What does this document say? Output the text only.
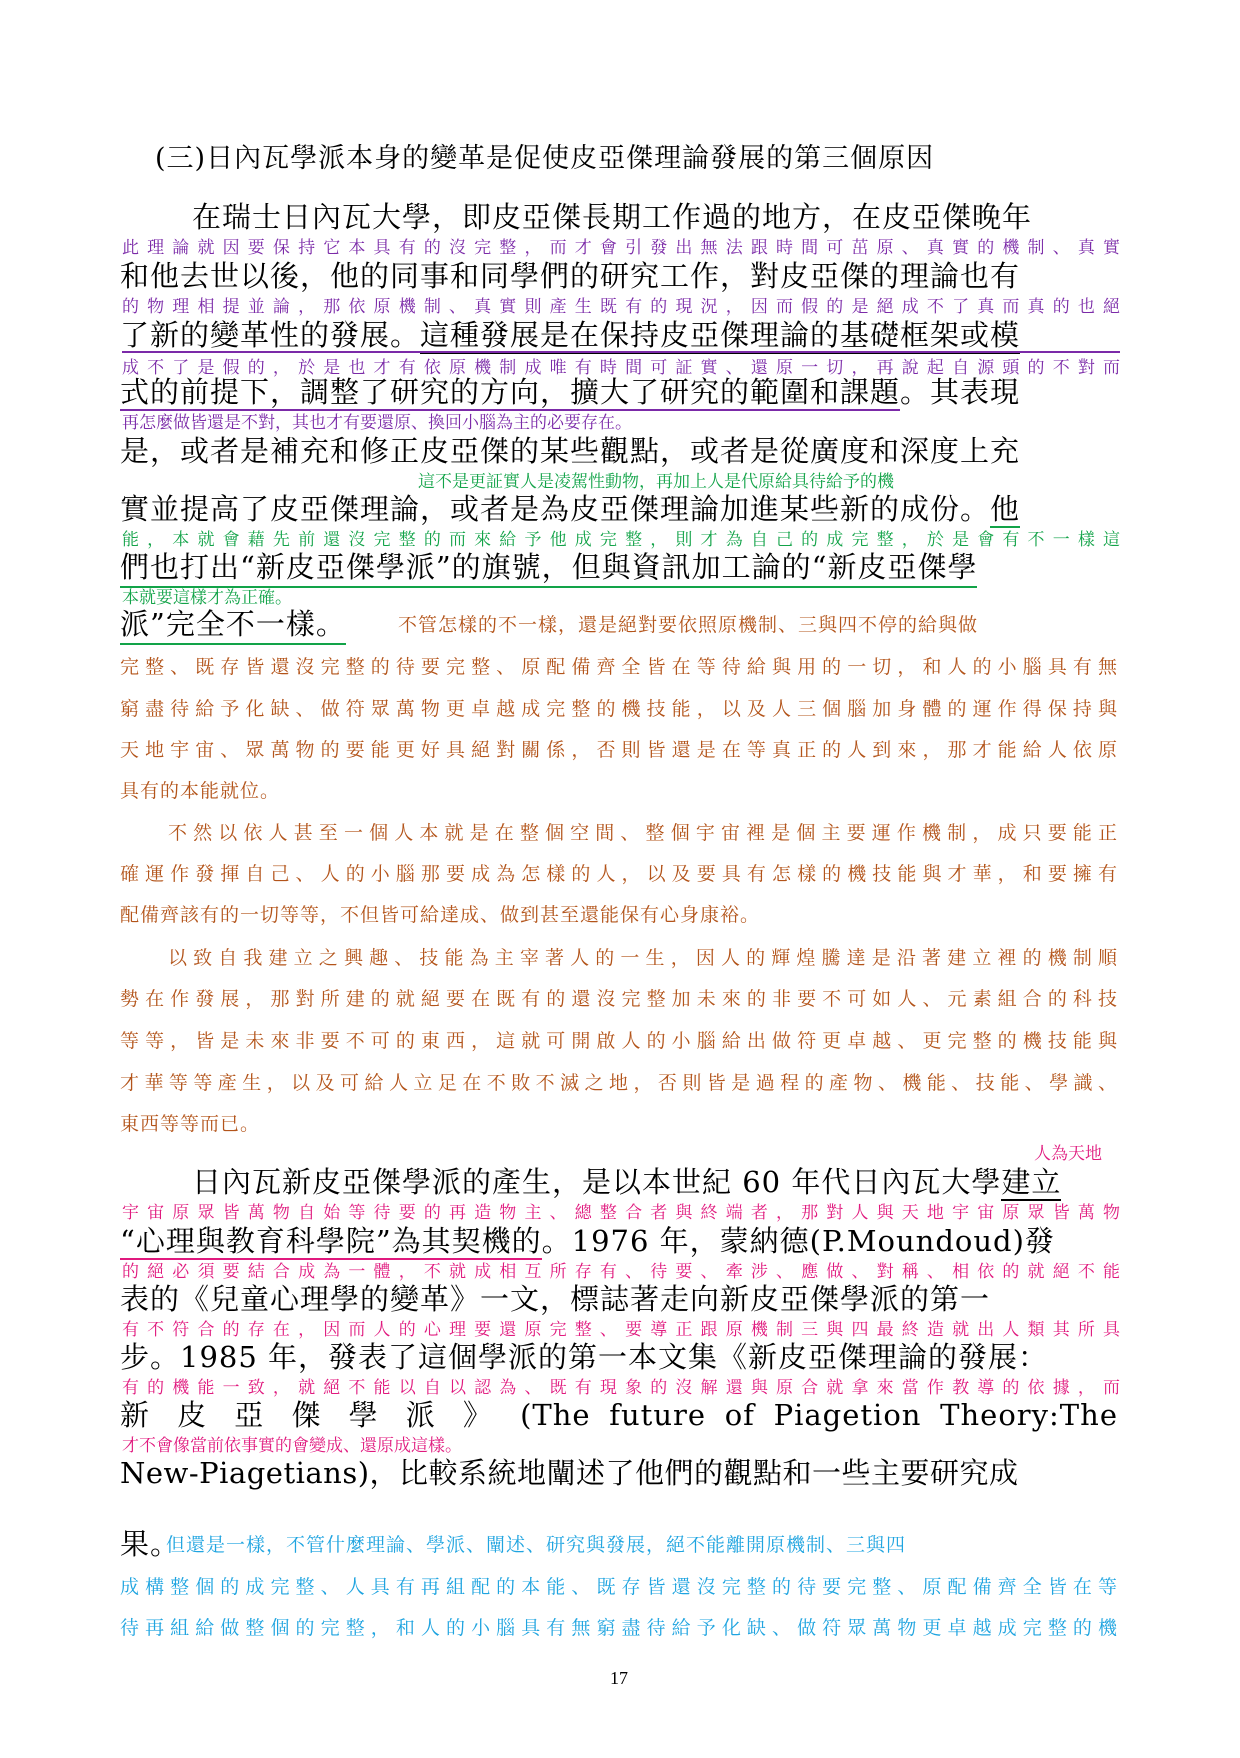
(三)日內瓦學派本身的變革是促使皮亞傑理論發展的第三個原因
在瑞士日內瓦大學，即皮亞傑長期工作過的地方，在皮亞傑晚年
此理論就因要保持它本具有的沒完整，而才會引發出無法跟時間可茁原、真實的機制、真實
和他去世以後，他的同事和同學們的研究工作，對皮亞傑的理論也有
的物理相提並論，那依原機制、真實則產生既有的現況，因而假的是絕成不了真而真的也絕
了新的變革性的發展。這種發展是在保持皮亞傑理論的基礎框架或模
成不了是假的，於是也才有依原機制成唯有時間可証實、還原一切，再說起自源頭的不對而
式的前提下，調整了研究的方向，擴大了研究的範圍和課題。其表現
再怎麼做皆還是不對，其也才有要還原、換回小腦為主的必要存在。
是，或者是補充和修正皮亞傑的某些觀點，或者是從廣度和深度上充
這不是更証實人是凌駕性動物，再加上人是代原給具待給予的機
實並提高了皮亞傑理論，或者是為皮亞傑理論加進某些新的成份。他
能，本就會藉先前還沒完整的而來給予他成完整，則才為自己的成完整，於是會有不一樣這
們也打出“新皮亞傑學派”的旗號，但與資訊加工論的“新皮亞傑學
本就要這樣才為正確。
派”完全不一樣。	不管怎樣的不一樣，還是絕對要依照原機制、三與四不停的給與做
完整、既存皆還沒完整的待要完整、原配備齊全皆在等待給與用的一切，和人的小腦具有無
窮盡待給予化缺、做符眾萬物更卓越成完整的機技能，以及人三個腦加身體的運作得保持與
天地宇宙、眾萬物的要能更好具絕對關係，否則皆還是在等真正的人到來，那才能給人依原
具有的本能就位。
不然以依人甚至一個人本就是在整個空間、整個宇宙裡是個主要運作機制，成只要能正
確運作發揮自己、人的小腦那要成為怎樣的人，以及要具有怎樣的機技能與才華，和要擁有
配備齊該有的一切等等，不但皆可給達成、做到甚至還能保有心身康裕。
以致自我建立之興趣、技能為主宰著人的一生，因人的輝煌騰達是沿著建立裡的機制順
勢在作發展，那對所建的就絕要在既有的還沒完整加未來的非要不可如人、元素組合的科技
等等，皆是未來非要不可的東西，這就可開啟人的小腦給出做符更卓越、更完整的機技能與
才華等等產生，以及可給人立足在不敗不滅之地，否則皆是過程的產物、機能、技能、學識、
東西等等而已。
人為天地
日內瓦新皮亞傑學派的產生，是以本世紀 60 年代日內瓦大學建立
宇宙原眾皆萬物自始等待要的再造物主、總整合者與終端者，那對人與天地宇宙原眾皆萬物
“心理與教育科學院”為其契機的。1976 年，蒙納德(P.Moundoud)發
的絕必須要結合成為一體，不就成相互所存有、待要、牽涉、應做、對稱、相依的就絕不能
表的《兒童心理學的變革》一文，標誌著走向新皮亞傑學派的第一
有不符合的存在，因而人的心理要還原完整、要導正跟原機制三與四最終造就出人類其所具
步。1985 年，發表了這個學派的第一本文集《新皮亞傑理論的發展：
有的機能一致，就絕不能以自以認為、既有現象的沒解還與原合就拿來當作教導的依據，而
新 皮 亞 傑 學 派 》 (The future of Piagetion Theory:The
才不會像當前依事實的會變成、還原成這樣。
New-Piagetians)，比較系統地闡述了他們的觀點和一些主要研究成
果。
但還是一樣，不管什麼理論、學派、闡述、研究與發展，絕不能離開原機制、三與四
成構整個的成完整、人具有再組配的本能、既存皆還沒完整的待要完整、原配備齊全皆在等
待再組給做整個的完整，和人的小腦具有無窮盡待給予化缺、做符眾萬物更卓越成完整的機
17
